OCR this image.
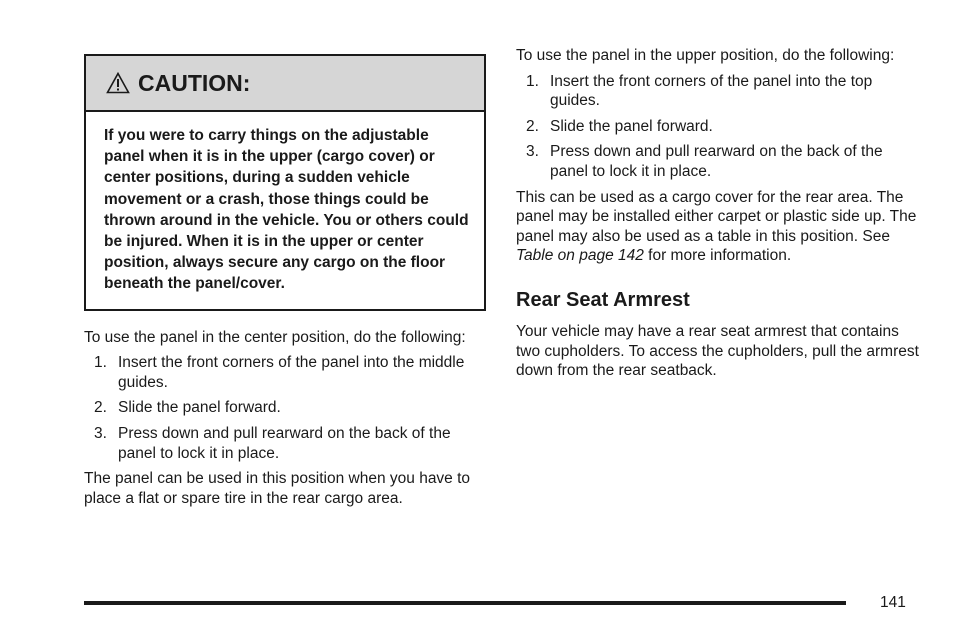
CAUTION:
If you were to carry things on the adjustable panel when it is in the upper (cargo cover) or center positions, during a sudden vehicle movement or a crash, those things could be thrown around in the vehicle. You or others could be injured. When it is in the upper or center position, always secure any cargo on the floor beneath the panel/cover.

To use the panel in the center position, do the following:

1. Insert the front corners of the panel into the middle guides.
2. Slide the panel forward.
3. Press down and pull rearward on the back of the panel to lock it in place.

The panel can be used in this position when you have to place a flat or spare tire in the rear cargo area.

To use the panel in the upper position, do the following:

1. Insert the front corners of the panel into the top guides.
2. Slide the panel forward.
3. Press down and pull rearward on the back of the panel to lock it in place.

This can be used as a cargo cover for the rear area. The panel may be installed either carpet or plastic side up. The panel may also be used as a table in this position. See Table on page 142 for more information.

Rear Seat Armrest

Your vehicle may have a rear seat armrest that contains two cupholders. To access the cupholders, pull the armrest down from the rear seatback.

141
